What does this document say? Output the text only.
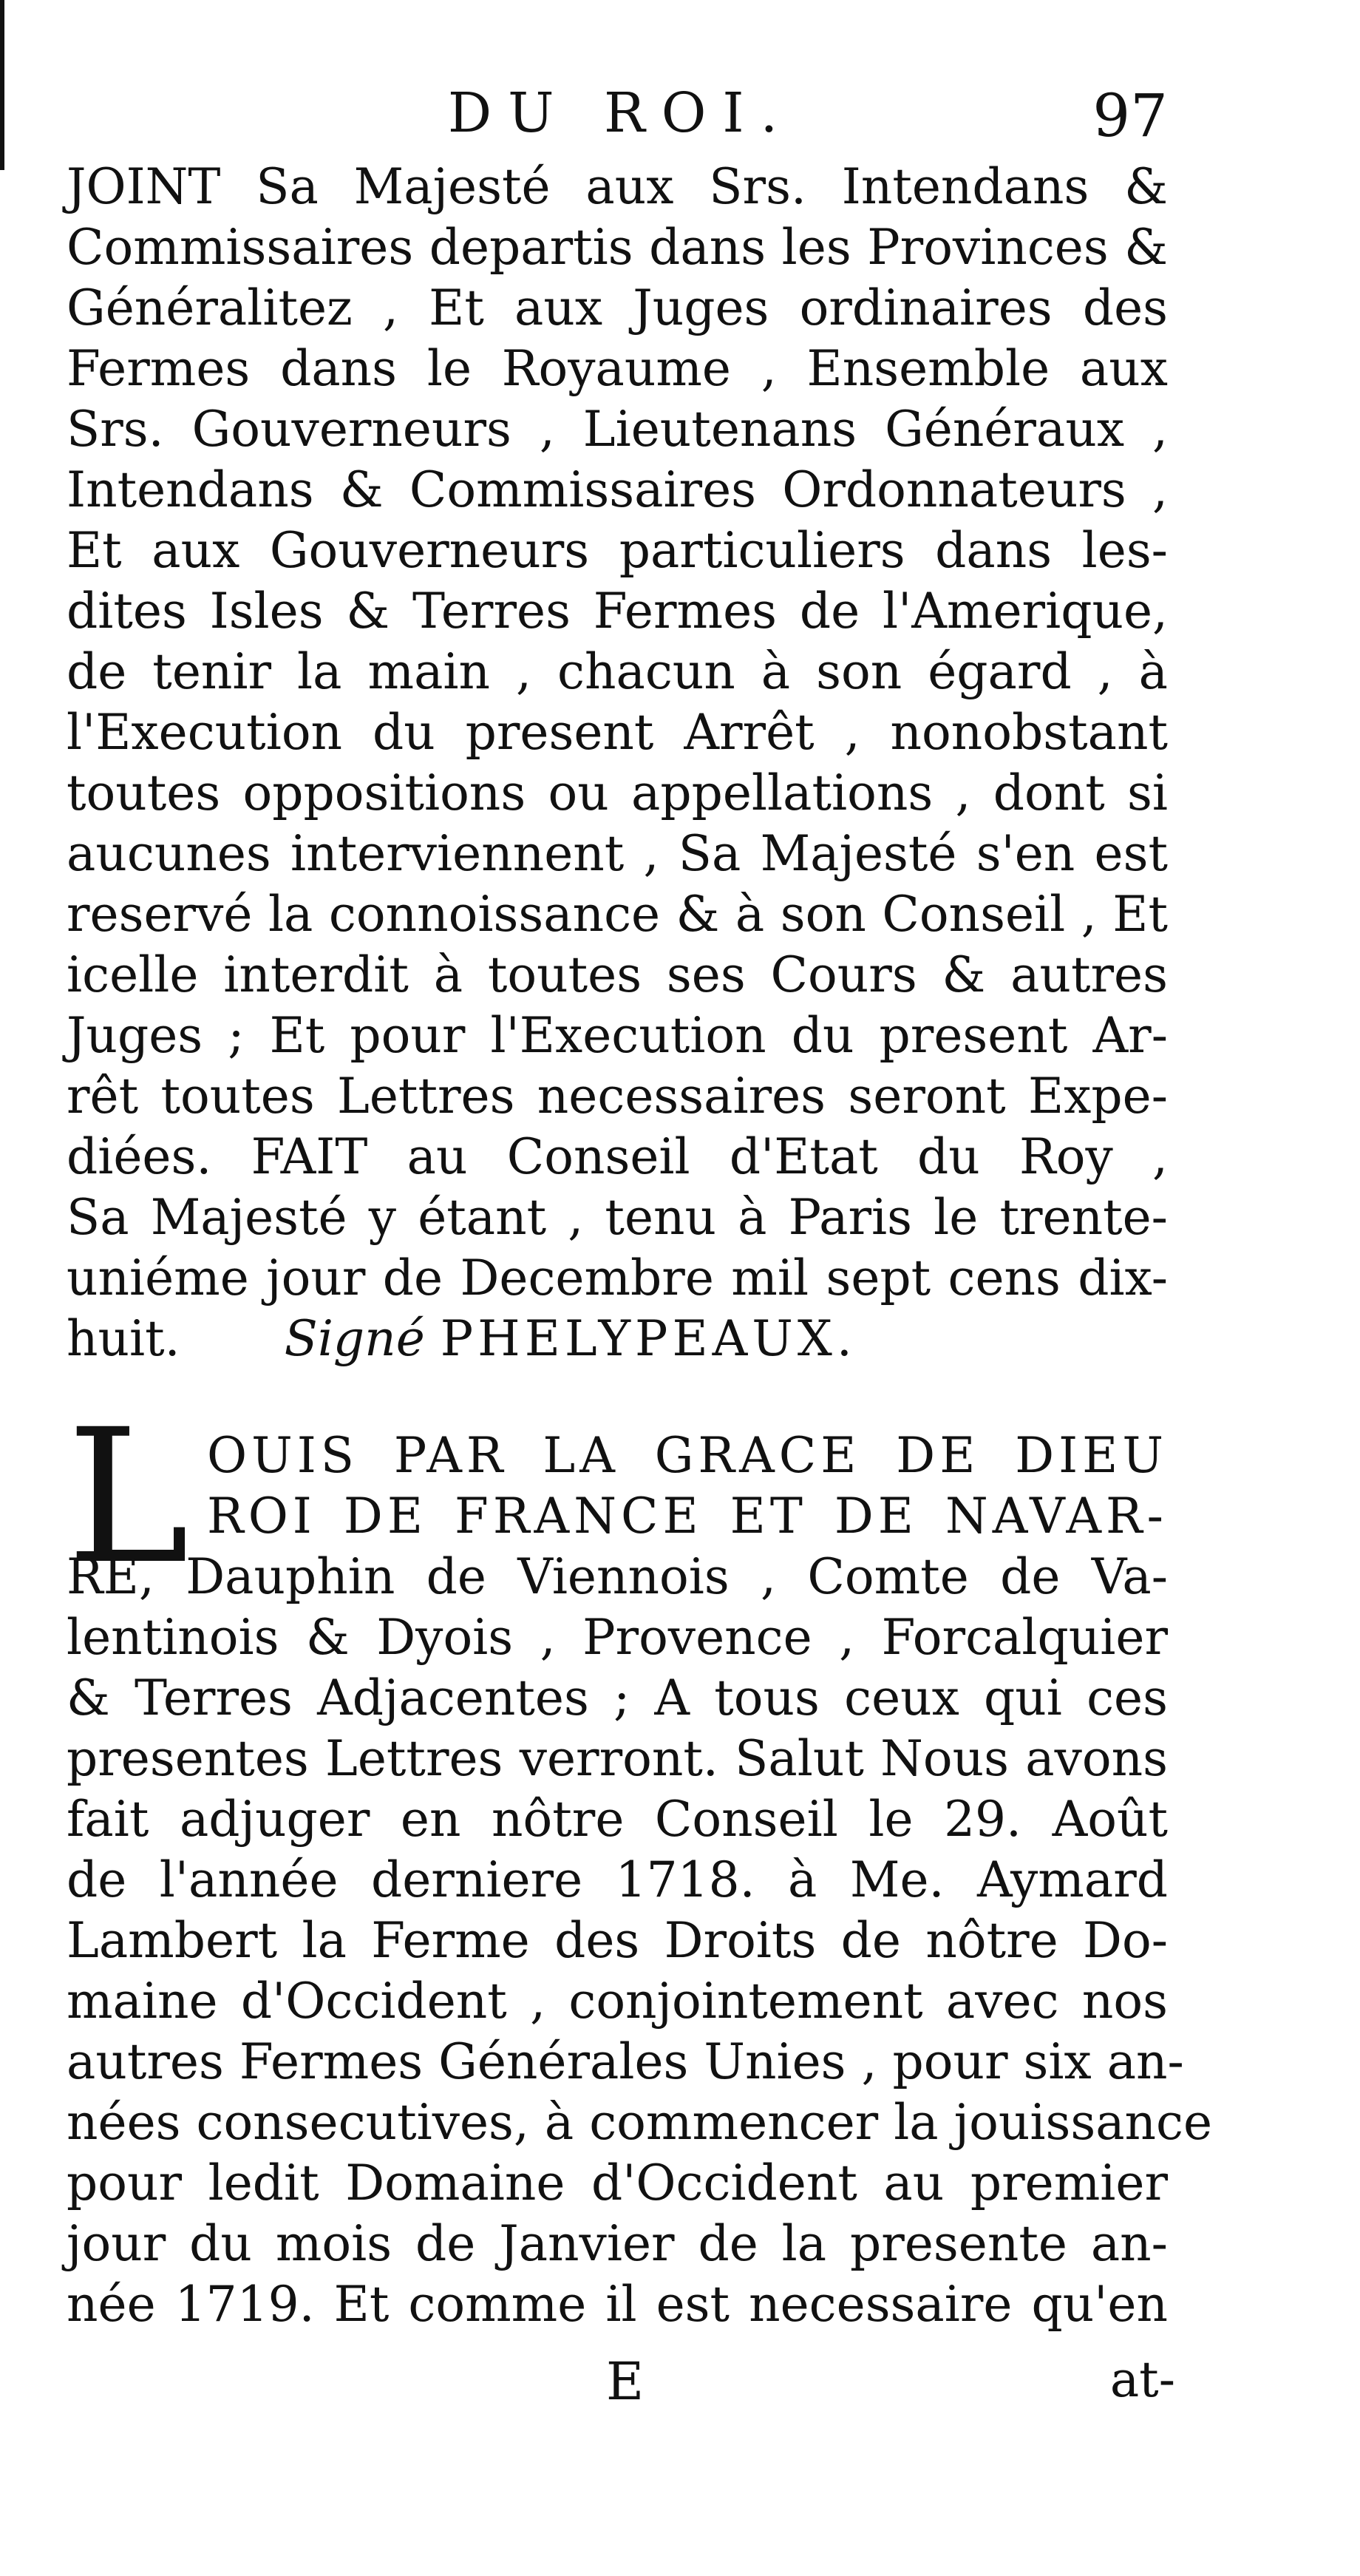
DU ROI.	97
JOINT Sa Majesté aux Srs. Intendans &
Commissaires departis dans les Provinces &
Généralitez , Et aux Juges ordinaires des
Fermes dans le Royaume , Ensemble aux
Srs. Gouverneurs , Lieutenans Généraux ,
Intendans & Commissaires Ordonnateurs ,
Et aux Gouverneurs particuliers dans les-
dites Isles & Terres Fermes de l'Amerique,
de tenir la main , chacun à son égard , à
l'Execution du present Arrêt , nonobstant
toutes oppositions ou appellations , dont si
aucunes interviennent , Sa Majesté s'en est
reservé la connoissance & à son Conseil , Et
icelle interdit à toutes ses Cours & autres
Juges ; Et pour l'Execution du present Ar-
rêt toutes Lettres necessaires seront Expe-
diées. FAIT au Conseil d'Etat du Roy ,
Sa Majesté y étant , tenu à Paris le trente-
uniéme jour de Decembre mil sept cens dix-
huit. Signé PHELYPEAUX.
L OUIS PAR LA GRACE DE DIEU
ROI DE FRANCE ET DE NAVAR-
RE, Dauphin de Viennois , Comte de Va-
lentinois & Dyois , Provence , Forcalquier
& Terres Adjacentes ; A tous ceux qui ces
presentes Lettres verront. Salut Nous avons
fait adjuger en nôtre Conseil le 29. Août
de l'année derniere 1718. à Me. Aymard
Lambert la Ferme des Droits de nôtre Do-
maine d'Occident , conjointement avec nos
autres Fermes Générales Unies , pour six an-
nées consecutives, à commencer la jouissance
pour ledit Domaine d'Occident au premier
jour du mois de Janvier de la presente an-
née 1719. Et comme il est necessaire qu'en
E	at-
